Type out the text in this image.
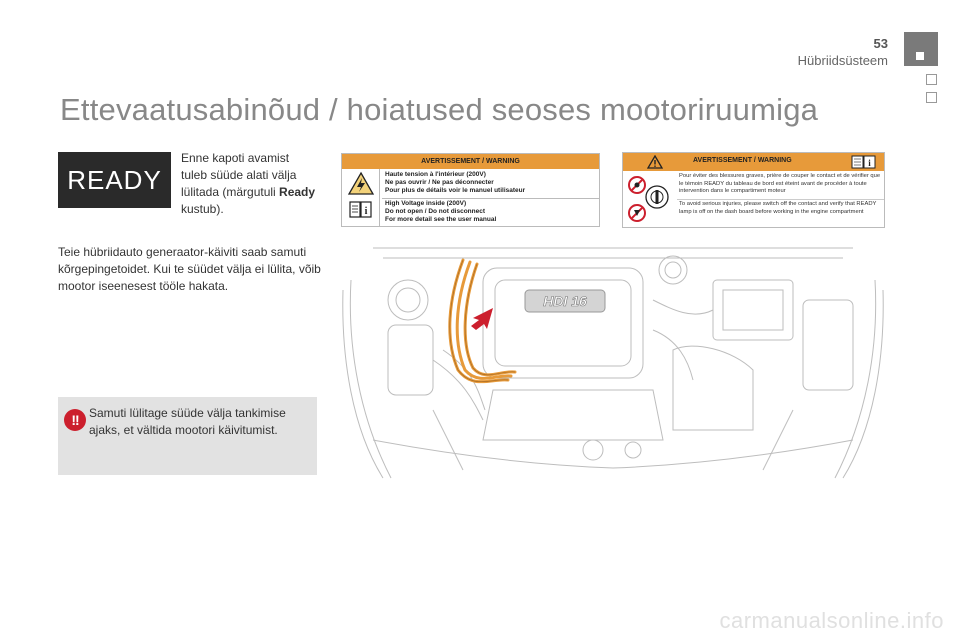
53
Hübriidsüsteem
Ettevaatusabinõud / hoiatused seoses mootoriruumiga
READY

Enne kapoti avamist tuleb süüde alati välja lülitada (märgutuli Ready kustub).

Teie hübriidauto generaator-käiviti saab samuti kõrgepingetoidet. Kui te süüdet välja ei lülita, võib mootor iseenesest tööle hakata.

!! Samuti lülitage süüde välja tankimise ajaks, et vältida mootori käivitumist.
AVERTISSEMENT / WARNING
i
Haute tension à l'intérieur (200V)
Ne pas ouvrir / Ne pas déconnecter
Pour plus de détails voir le manuel utilisateur
High Voltage inside (200V)
Do not open / Do not disconnect
For more detail see the user manual
AVERTISSEMENT / WARNING	i
Pour éviter des blessures graves, prière de couper le contact et de vérifier que le témoin READY du tableau de bord est éteint avant de procéder à toute intervention dans le compartiment moteur
To avoid serious injuries, please switch off the contact and verify that READY lamp is off on the dash board before working in the engine compartment
HDI 16
carmanualsonline.info
